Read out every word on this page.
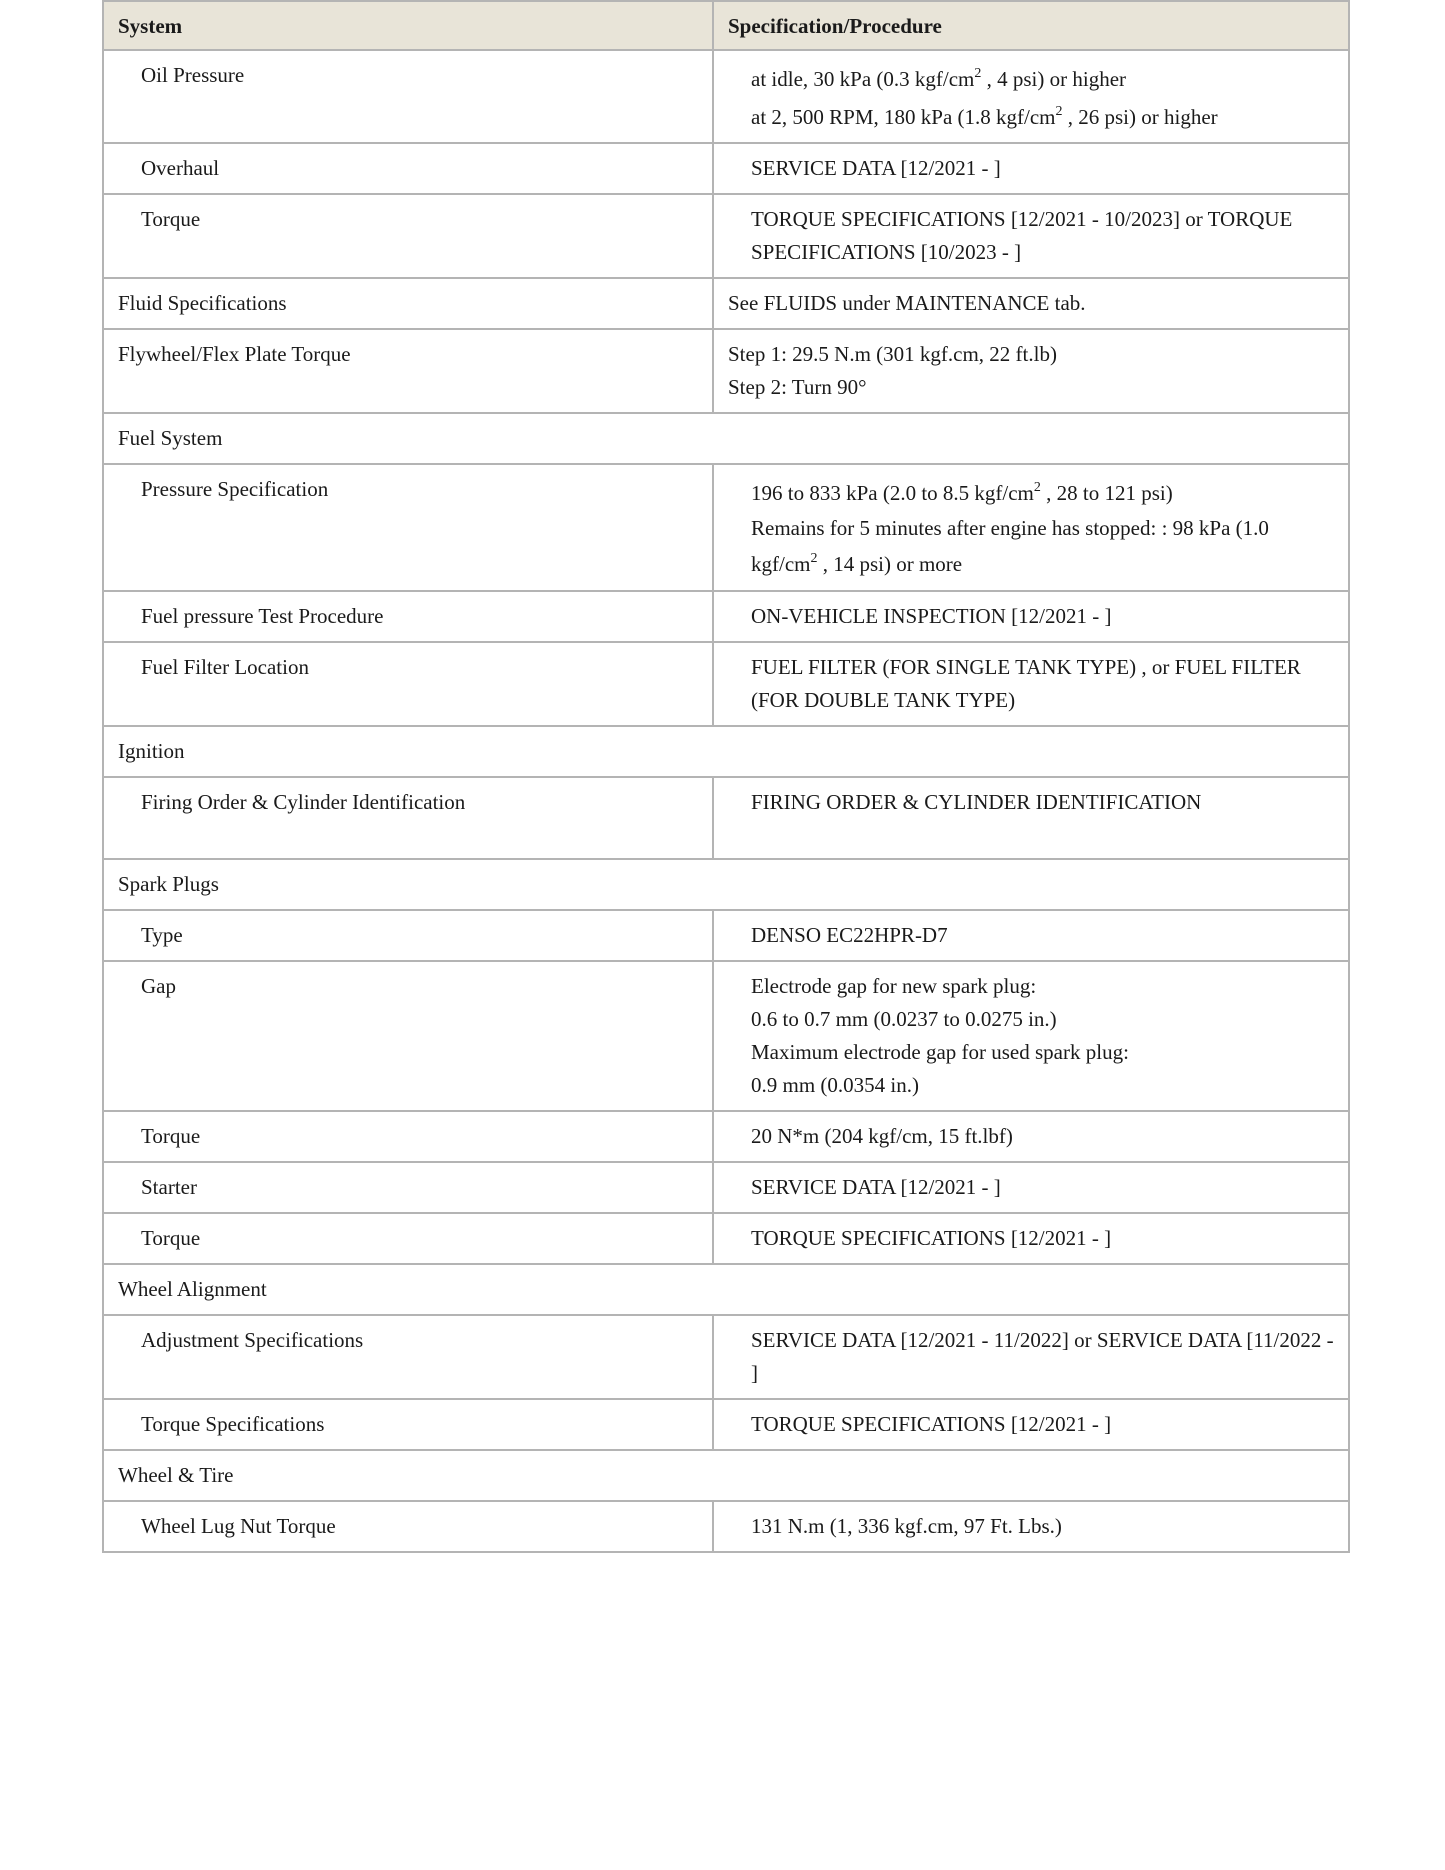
System	Specification/Procedure
Oil Pressure	at idle, 30 kPa (0.3 kgf/$cm^2$ , 4 psi) or higher
at 2, 500 RPM, 180 kPa (1.8 kgf/$cm^2$ , 26 psi) or higher

Overhaul	SERVICE DATA [12/2021 - ]
Torque	TORQUE SPECIFICATIONS [12/2021 - 10/2023] or TORQUE SPECIFICATIONS [10/2023 - ]
Fluid Specifications	See FLUIDS under MAINTENANCE tab.
Flywheel/Flex Plate Torque	Step 1: 29.5 N.m (301 kgf.cm, 22 ft.lb)
Step 2: Turn 90°

Fuel System	
Pressure Specification	196 to 833 kPa (2.0 to 8.5 kgf/$cm^2$ , 28 to 121 psi)
Remains for 5 minutes after engine has stopped: : 98 kPa (1.0 kgf/$cm^2$ , 14 psi) or more

Fuel pressure Test Procedure	ON-VEHICLE INSPECTION [12/2021 - ]
Fuel Filter Location	FUEL FILTER (FOR SINGLE TANK TYPE) , or FUEL FILTER (FOR DOUBLE TANK TYPE)
Ignition	
Firing Order & Cylinder Identification	FIRING ORDER & CYLINDER IDENTIFICATION
Spark Plugs	
Type	DENSO EC22HPR-D7
Gap	Electrode gap for new spark plug:
0.6 to 0.7 mm (0.0237 to 0.0275 in.)
Maximum electrode gap for used spark plug:
0.9 mm (0.0354 in.)

Torque	20 N*m (204 kgf/cm, 15 ft.lbf)
Starter	SERVICE DATA [12/2021 - ]
Torque	TORQUE SPECIFICATIONS [12/2021 - ]
Wheel Alignment	
Adjustment Specifications	SERVICE DATA [12/2021 - 11/2022] or SERVICE DATA [11/2022 - ]
Torque Specifications	TORQUE SPECIFICATIONS [12/2021 - ]
Wheel & Tire	
Wheel Lug Nut Torque	131 N.m (1, 336 kgf.cm, 97 Ft. Lbs.)
